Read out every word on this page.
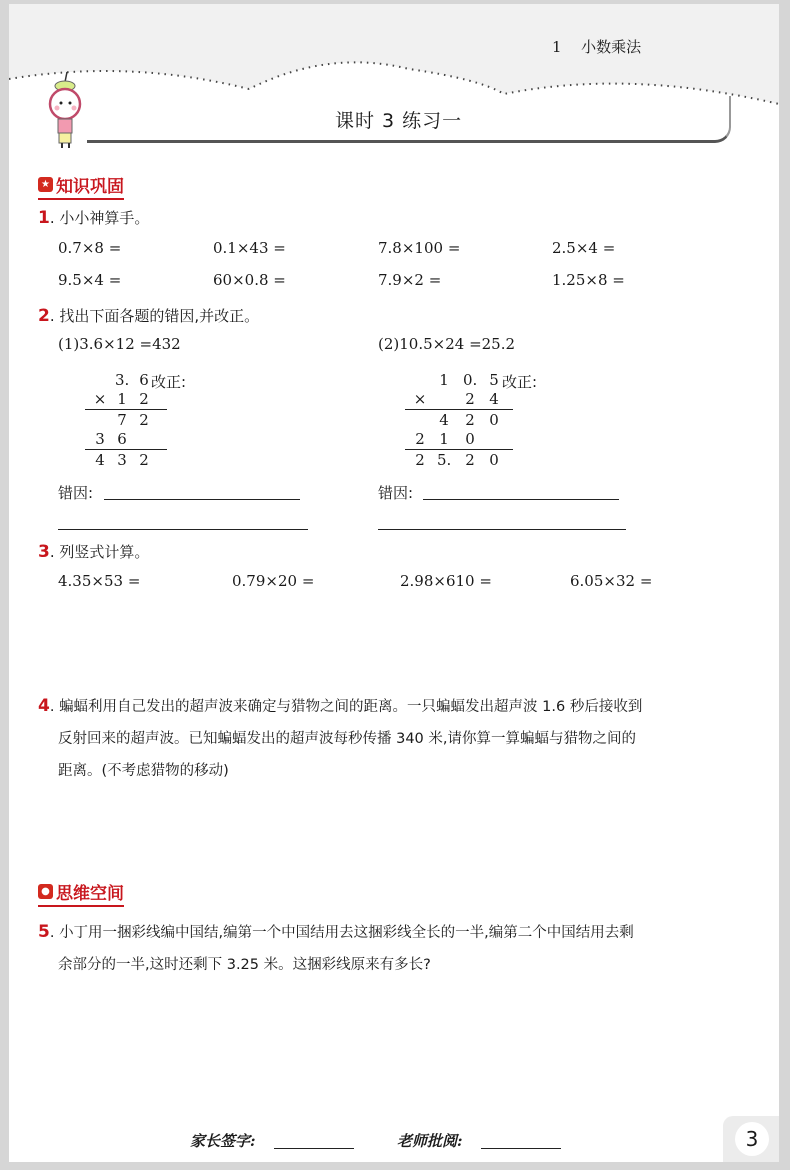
1 小数乘法
课时 3 练习一
★ 知识巩固
1. 小小神算手。
0.7×8 =	0.1×43 =	7.8×100 =	2.5×4 =
9.5×4 =	60×0.8 =	7.9×2 =	1.25×8 =
2. 找出下面各题的错因,并改正。
(1)3.6×12 =432
3. 6
× 1 2
7 2
3 6
4 3 2
改正:
错因:
(2)10.5×24 =25.2
1 0. 5
×	2 4
4 2 0
2 1 0
2 5. 2 0
改正:
错因:
3. 列竖式计算。
4.35×53 =	0.79×20 =	2.98×610 =	6.05×32 =
4. 蝙蝠利用自己发出的超声波来确定与猎物之间的距离。一只蝙蝠发出超声波 1.6 秒后接收到
反射回来的超声波。已知蝙蝠发出的超声波每秒传播 340 米,请你算一算蝙蝠与猎物之间的
距离。(不考虑猎物的移动)
● 思维空间
5. 小丁用一捆彩线编中国结,编第一个中国结用去这捆彩线全长的一半,编第二个中国结用去剩
余部分的一半,这时还剩下 3.25 米。这捆彩线原来有多长?
家长签字:	老师批阅:	3
